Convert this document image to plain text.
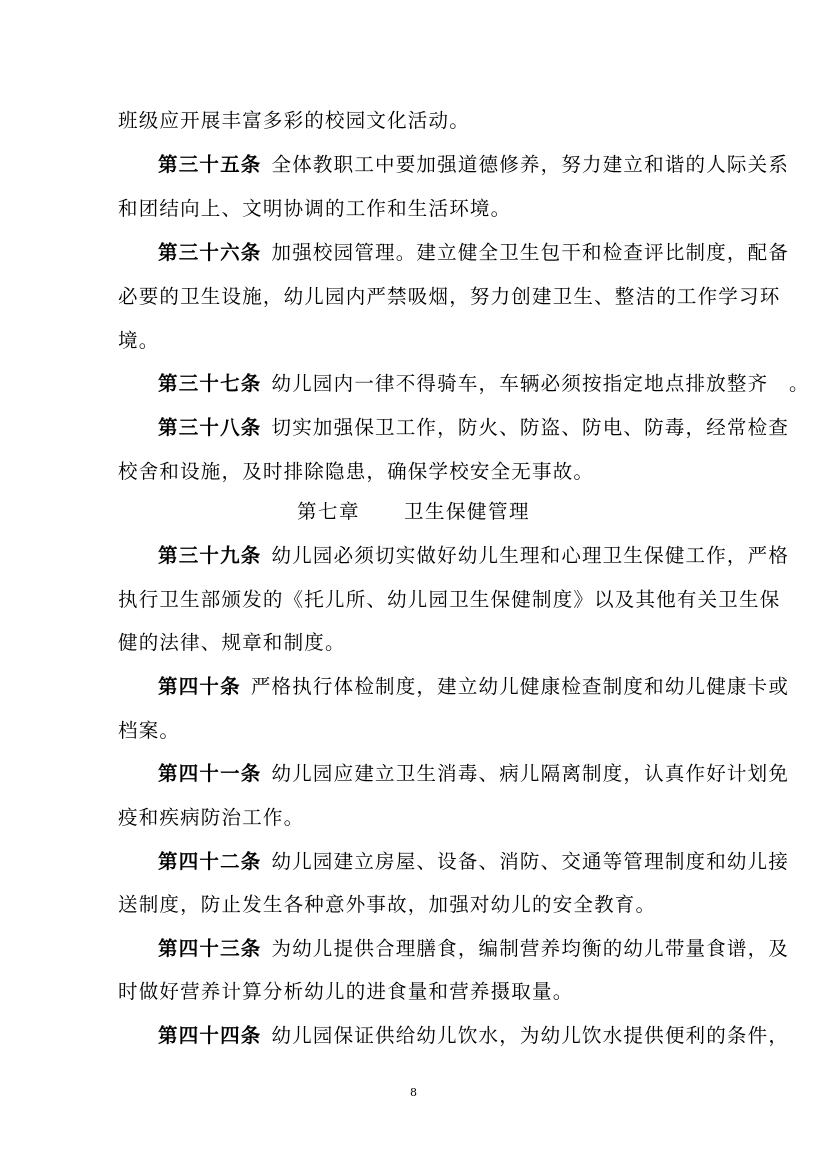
班级应开展丰富多彩的校园文化活动。
第三十五条 全体教职工中要加强道德修养，努力建立和谐的人际关系
和团结向上、文明协调的工作和生活环境。
第三十六条 加强校园管理。建立健全卫生包干和检查评比制度，配备
必要的卫生设施，幼儿园内严禁吸烟，努力创建卫生、整洁的工作学习环
境。
第三十七条 幼儿园内一律不得骑车，车辆必须按指定地点排放整齐　。
第三十八条 切实加强保卫工作，防火、防盗、防电、防毒，经常检查
校舍和设施，及时排除隐患，确保学校安全无事故。
第七章 卫生保健管理
第三十九条 幼儿园必须切实做好幼儿生理和心理卫生保健工作，严格
执行卫生部颁发的《托儿所、幼儿园卫生保健制度》以及其他有关卫生保
健的法律、规章和制度。
第四十条 严格执行体检制度，建立幼儿健康检查制度和幼儿健康卡或
档案。
第四十一条 幼儿园应建立卫生消毒、病儿隔离制度，认真作好计划免
疫和疾病防治工作。
第四十二条 幼儿园建立房屋、设备、消防、交通等管理制度和幼儿接
送制度，防止发生各种意外事故，加强对幼儿的安全教育。
第四十三条 为幼儿提供合理膳食，编制营养均衡的幼儿带量食谱，及
时做好营养计算分析幼儿的进食量和营养摄取量。
第四十四条 幼儿园保证供给幼儿饮水，为幼儿饮水提供便利的条件，
8
